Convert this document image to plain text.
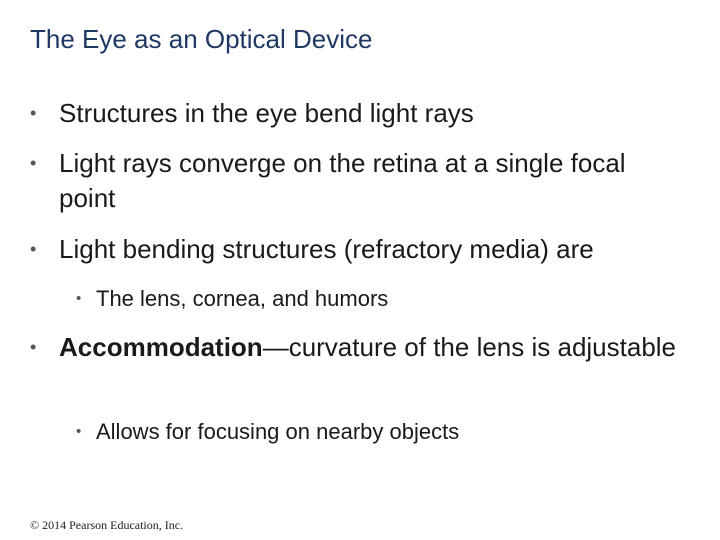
The Eye as an Optical Device
• Structures in the eye bend light rays
• Light rays converge on the retina at a single focal point
• Light bending structures (refractory media) are
• The lens, cornea, and humors
• Accommodation—curvature of the lens is adjustable
• Allows for focusing on nearby objects
© 2014 Pearson Education, Inc.
